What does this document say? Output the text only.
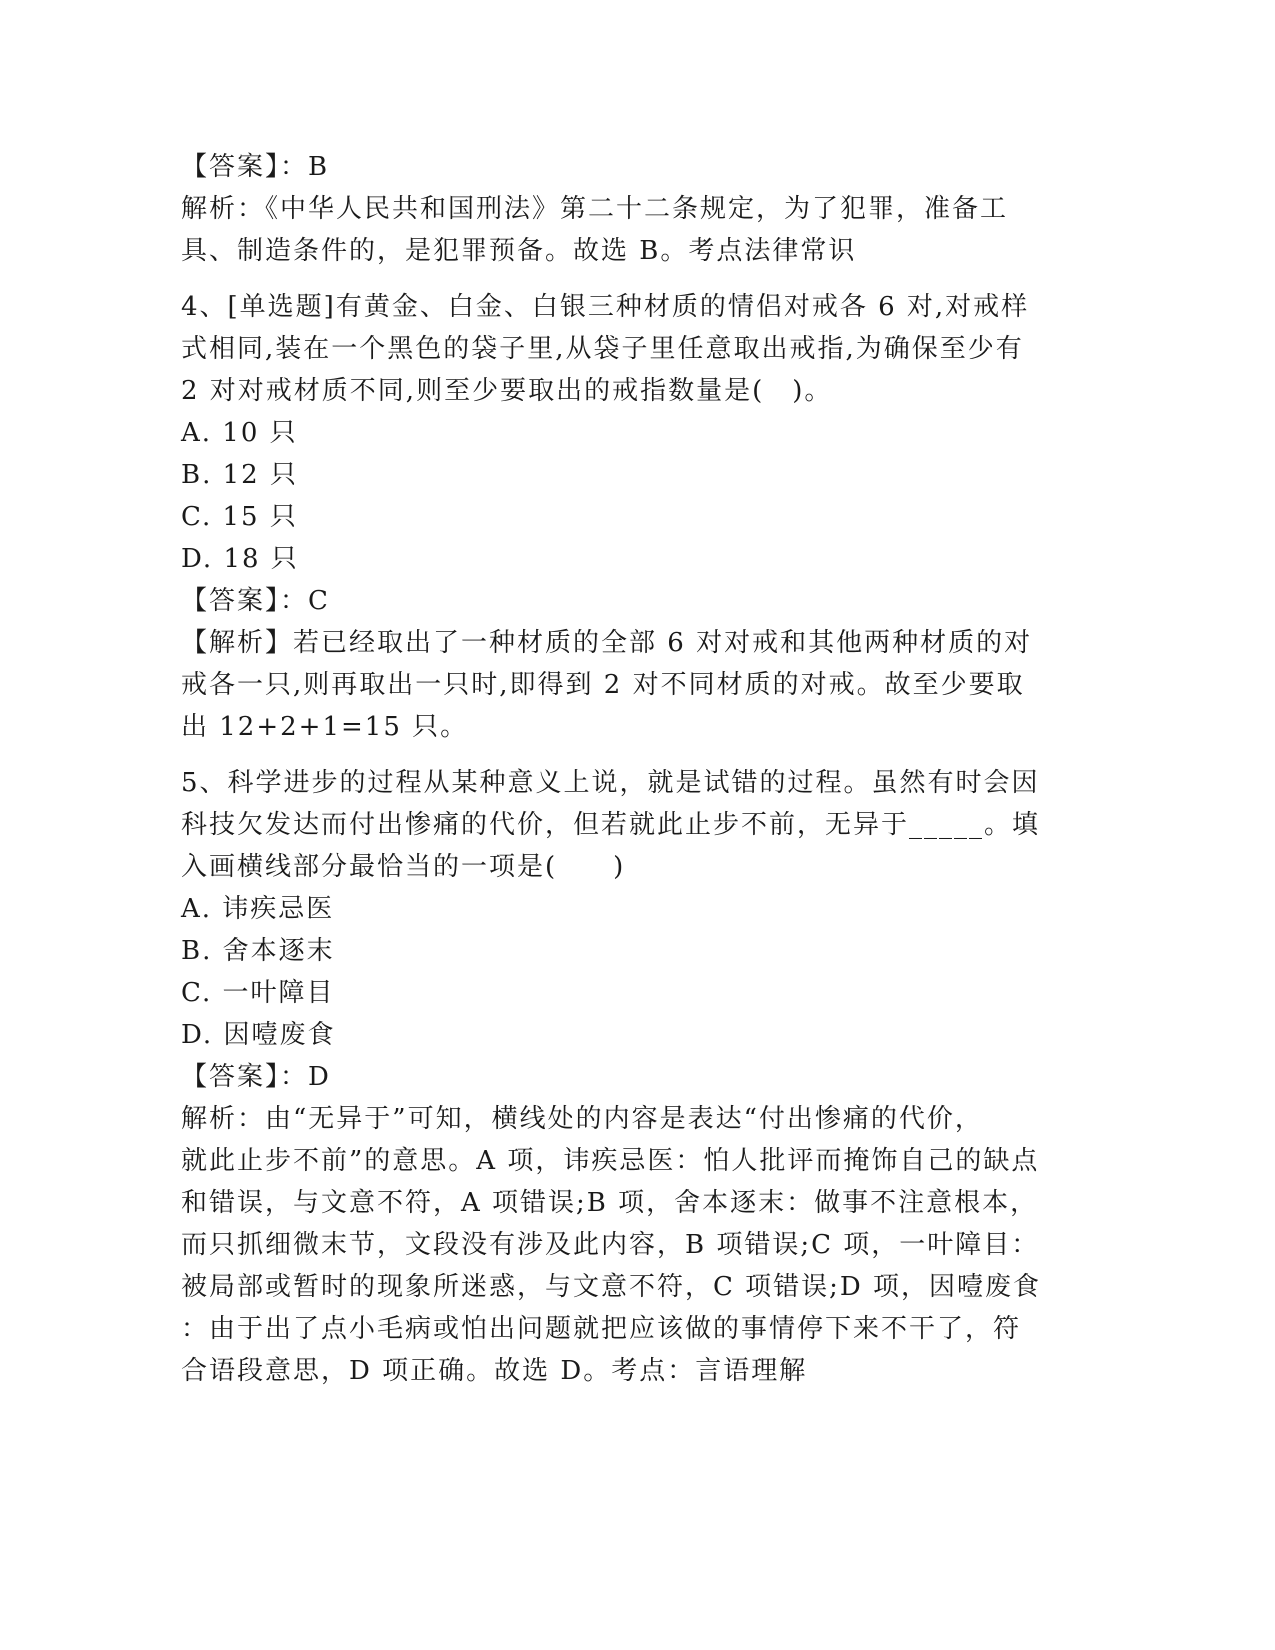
【答案】：B
解析：《中华人民共和国刑法》第二十二条规定，为了犯罪，准备工
具、制造条件的，是犯罪预备。故选 B。考点法律常识
4、[单选题]有黄金、白金、白银三种材质的情侣对戒各 6 对,对戒样
式相同,装在一个黑色的袋子里,从袋子里任意取出戒指,为确保至少有
2 对对戒材质不同,则至少要取出的戒指数量是(　)。
A. 10 只
B. 12 只
C. 15 只
D. 18 只
【答案】：C
【解析】若已经取出了一种材质的全部 6 对对戒和其他两种材质的对
戒各一只,则再取出一只时,即得到 2 对不同材质的对戒。故至少要取
出 12+2+1=15 只。
5、科学进步的过程从某种意义上说，就是试错的过程。虽然有时会因
科技欠发达而付出惨痛的代价，但若就此止步不前，无异于_____。填
入画横线部分最恰当的一项是(　　)
A. 讳疾忌医
B. 舍本逐末
C. 一叶障目
D. 因噎废食
【答案】：D
解析：由“无异于”可知，横线处的内容是表达“付出惨痛的代价，
就此止步不前”的意思。A 项，讳疾忌医：怕人批评而掩饰自己的缺点
和错误，与文意不符，A 项错误;B 项，舍本逐末：做事不注意根本，
而只抓细微末节，文段没有涉及此内容，B 项错误;C 项，一叶障目：
被局部或暂时的现象所迷惑，与文意不符，C 项错误;D 项，因噎废食
：由于出了点小毛病或怕出问题就把应该做的事情停下来不干了，符
合语段意思，D 项正确。故选 D。考点：言语理解
